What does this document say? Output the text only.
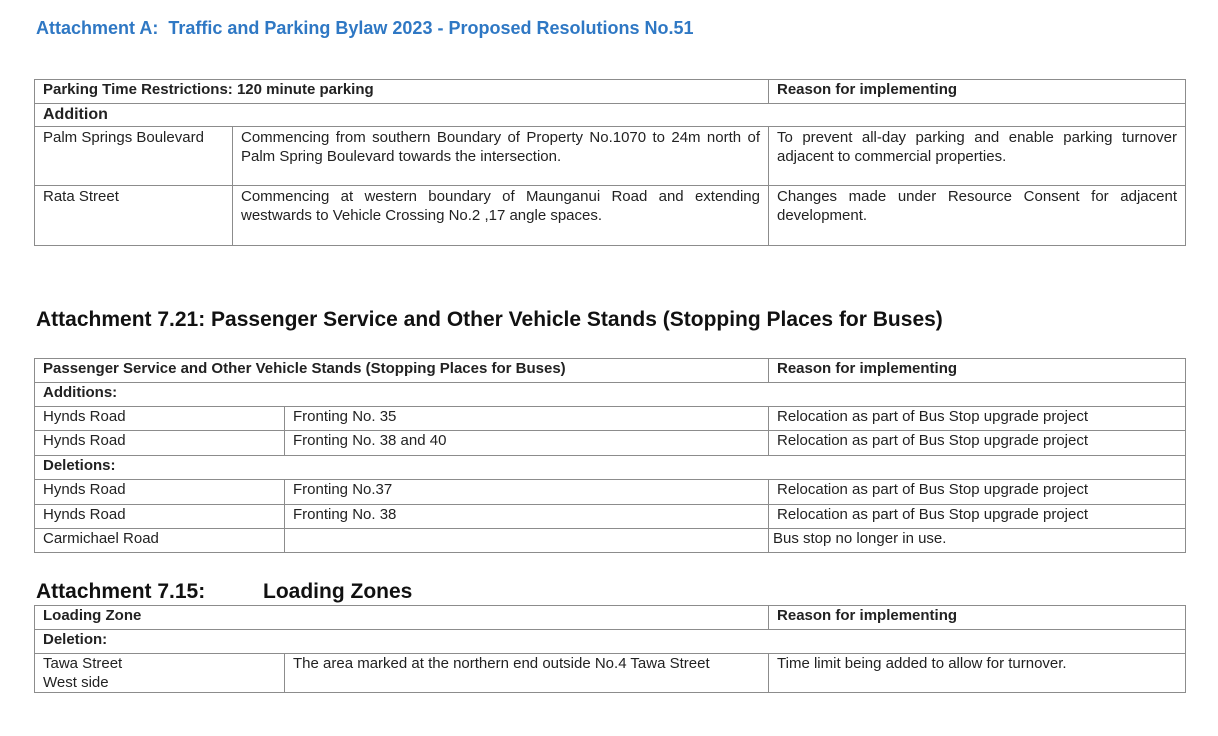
Attachment A:  Traffic and Parking Bylaw 2023 - Proposed Resolutions No.51
Parking Time Restrictions: 120 minute parking		Reason for implementing
Addition		
Palm Springs Boulevard	Commencing from southern Boundary of Property No.1070 to 24m north of Palm Spring Boulevard towards the intersection.	To prevent all-day parking and enable parking turnover adjacent to commercial properties.
Rata Street	Commencing at western boundary of Maunganui Road and extending westwards to Vehicle Crossing No.2 ,17 angle spaces.	Changes made under Resource Consent for adjacent development.
Attachment 7.21: Passenger Service and Other Vehicle Stands (Stopping Places for Buses)
Passenger Service and Other Vehicle Stands (Stopping Places for Buses)		Reason for implementing
Additions:		
Hynds Road	Fronting No. 35	Relocation as part of Bus Stop upgrade project
Hynds Road	Fronting No. 38 and 40	Relocation as part of Bus Stop upgrade project
Deletions:		
Hynds Road	Fronting No.37	Relocation as part of Bus Stop upgrade project
Hynds Road	Fronting No. 38	Relocation as part of Bus Stop upgrade project
Carmichael Road		Bus stop no longer in use.
Attachment 7.15:	Loading Zones
Loading Zone		Reason for implementing
Deletion:		

Tawa Street
West side	The area marked at the northern end outside No.4 Tawa Street	Time limit being added to allow for turnover.
